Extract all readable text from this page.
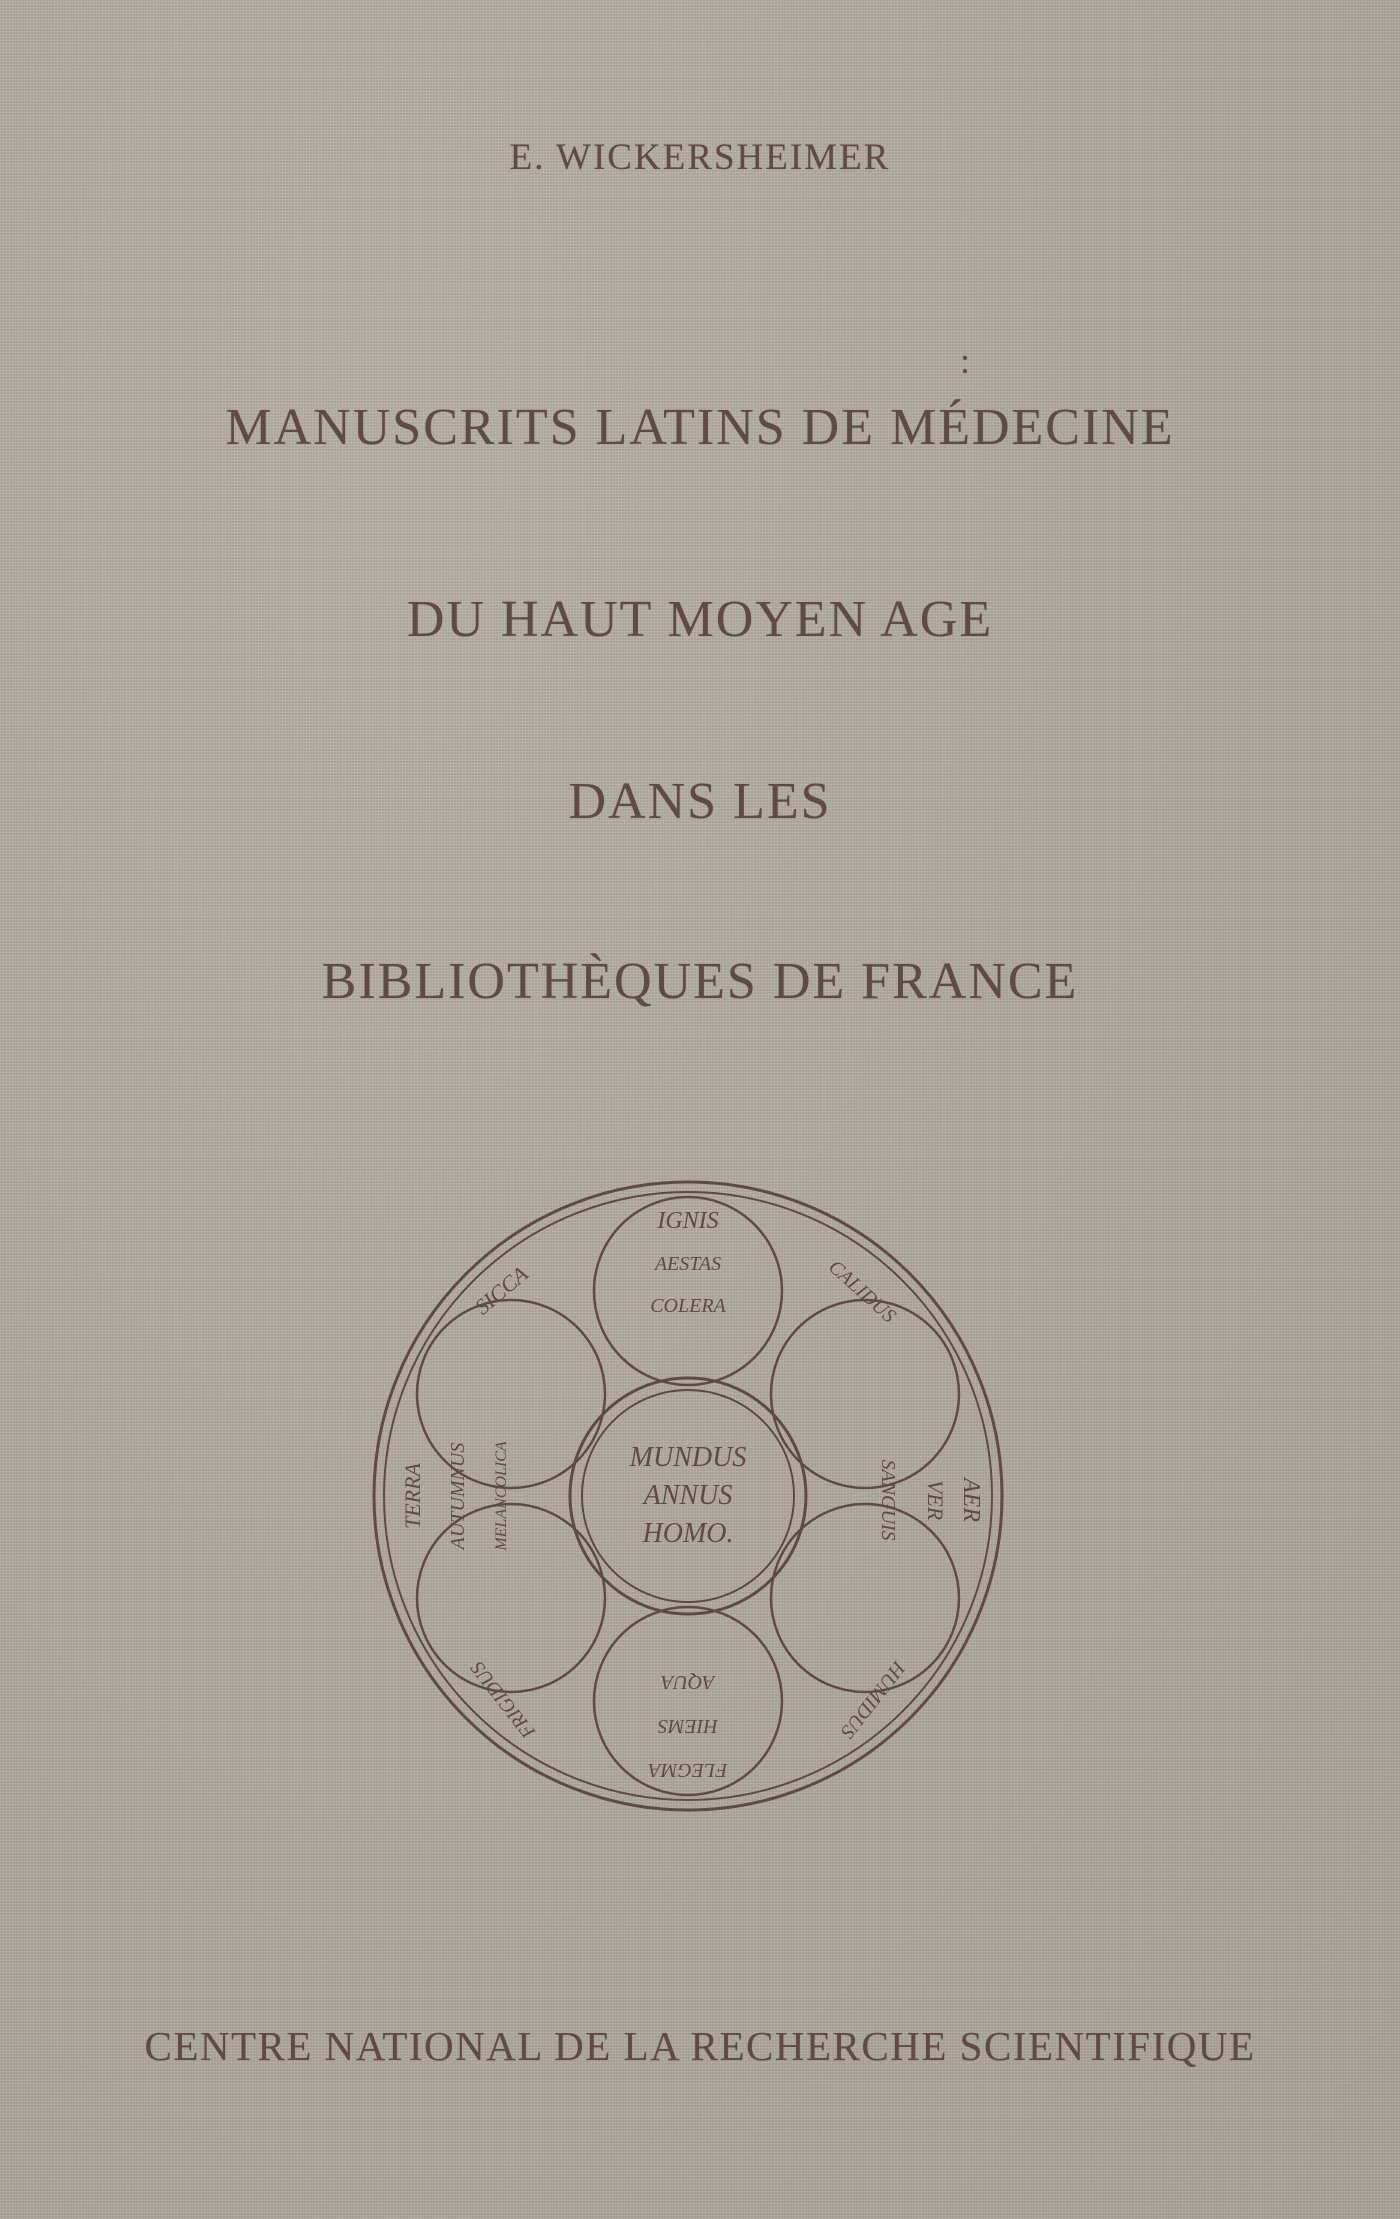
E. WICKERSHEIMER
:
MANUSCRITS LATINS DE MÉDECINE
DU HAUT MOYEN AGE
DANS LES
BIBLIOTHÈQUES DE FRANCE
MUNDUS
ANNUS
HOMO.
IGNIS
AESTAS
COLERA
AER
VER
SANGUIS
AQUA
HIEMS
FLEGMA
TERRA AUTUMNUS MELANCOLICA
CALIDUS
HUMIDUS
FRIGIDUS
SICCA
CENTRE NATIONAL DE LA RECHERCHE SCIENTIFIQUE
